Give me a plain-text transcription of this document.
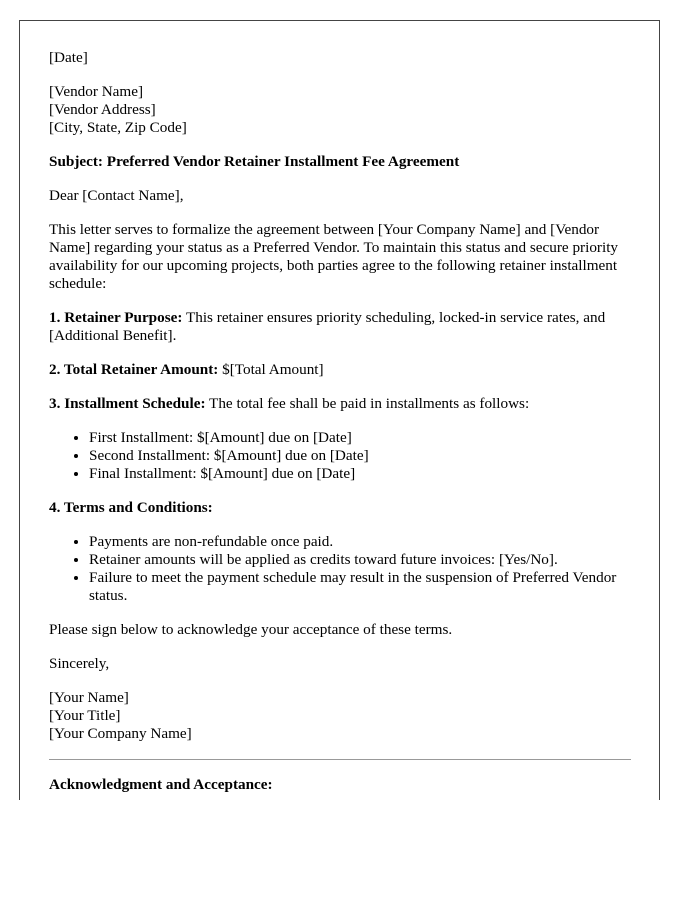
[Date]

[Vendor Name]

[Vendor Address]

[City, State, Zip Code]

Subject: Preferred Vendor Retainer Installment Fee Agreement

Dear [Contact Name],

This letter serves to formalize the agreement between [Your Company Name] and [Vendor Name] regarding your status as a Preferred Vendor. To maintain this status and secure priority availability for our upcoming projects, both parties agree to the following retainer installment schedule:

1. Retainer Purpose: This retainer ensures priority scheduling, locked-in service rates, and [Additional Benefit].

2. Total Retainer Amount: $[Total Amount]

3. Installment Schedule: The total fee shall be paid in installments as follows:

• First Installment: $[Amount] due on [Date]
• Second Installment: $[Amount] due on [Date]
• Final Installment: $[Amount] due on [Date]

4. Terms and Conditions:

• Payments are non-refundable once paid.
• Retainer amounts will be applied as credits toward future invoices: [Yes/No].
• Failure to meet the payment schedule may result in the suspension of Preferred Vendor status.

Please sign below to acknowledge your acceptance of these terms.

Sincerely,

[Your Name]

[Your Title]

[Your Company Name]

Acknowledgment and Acceptance:
